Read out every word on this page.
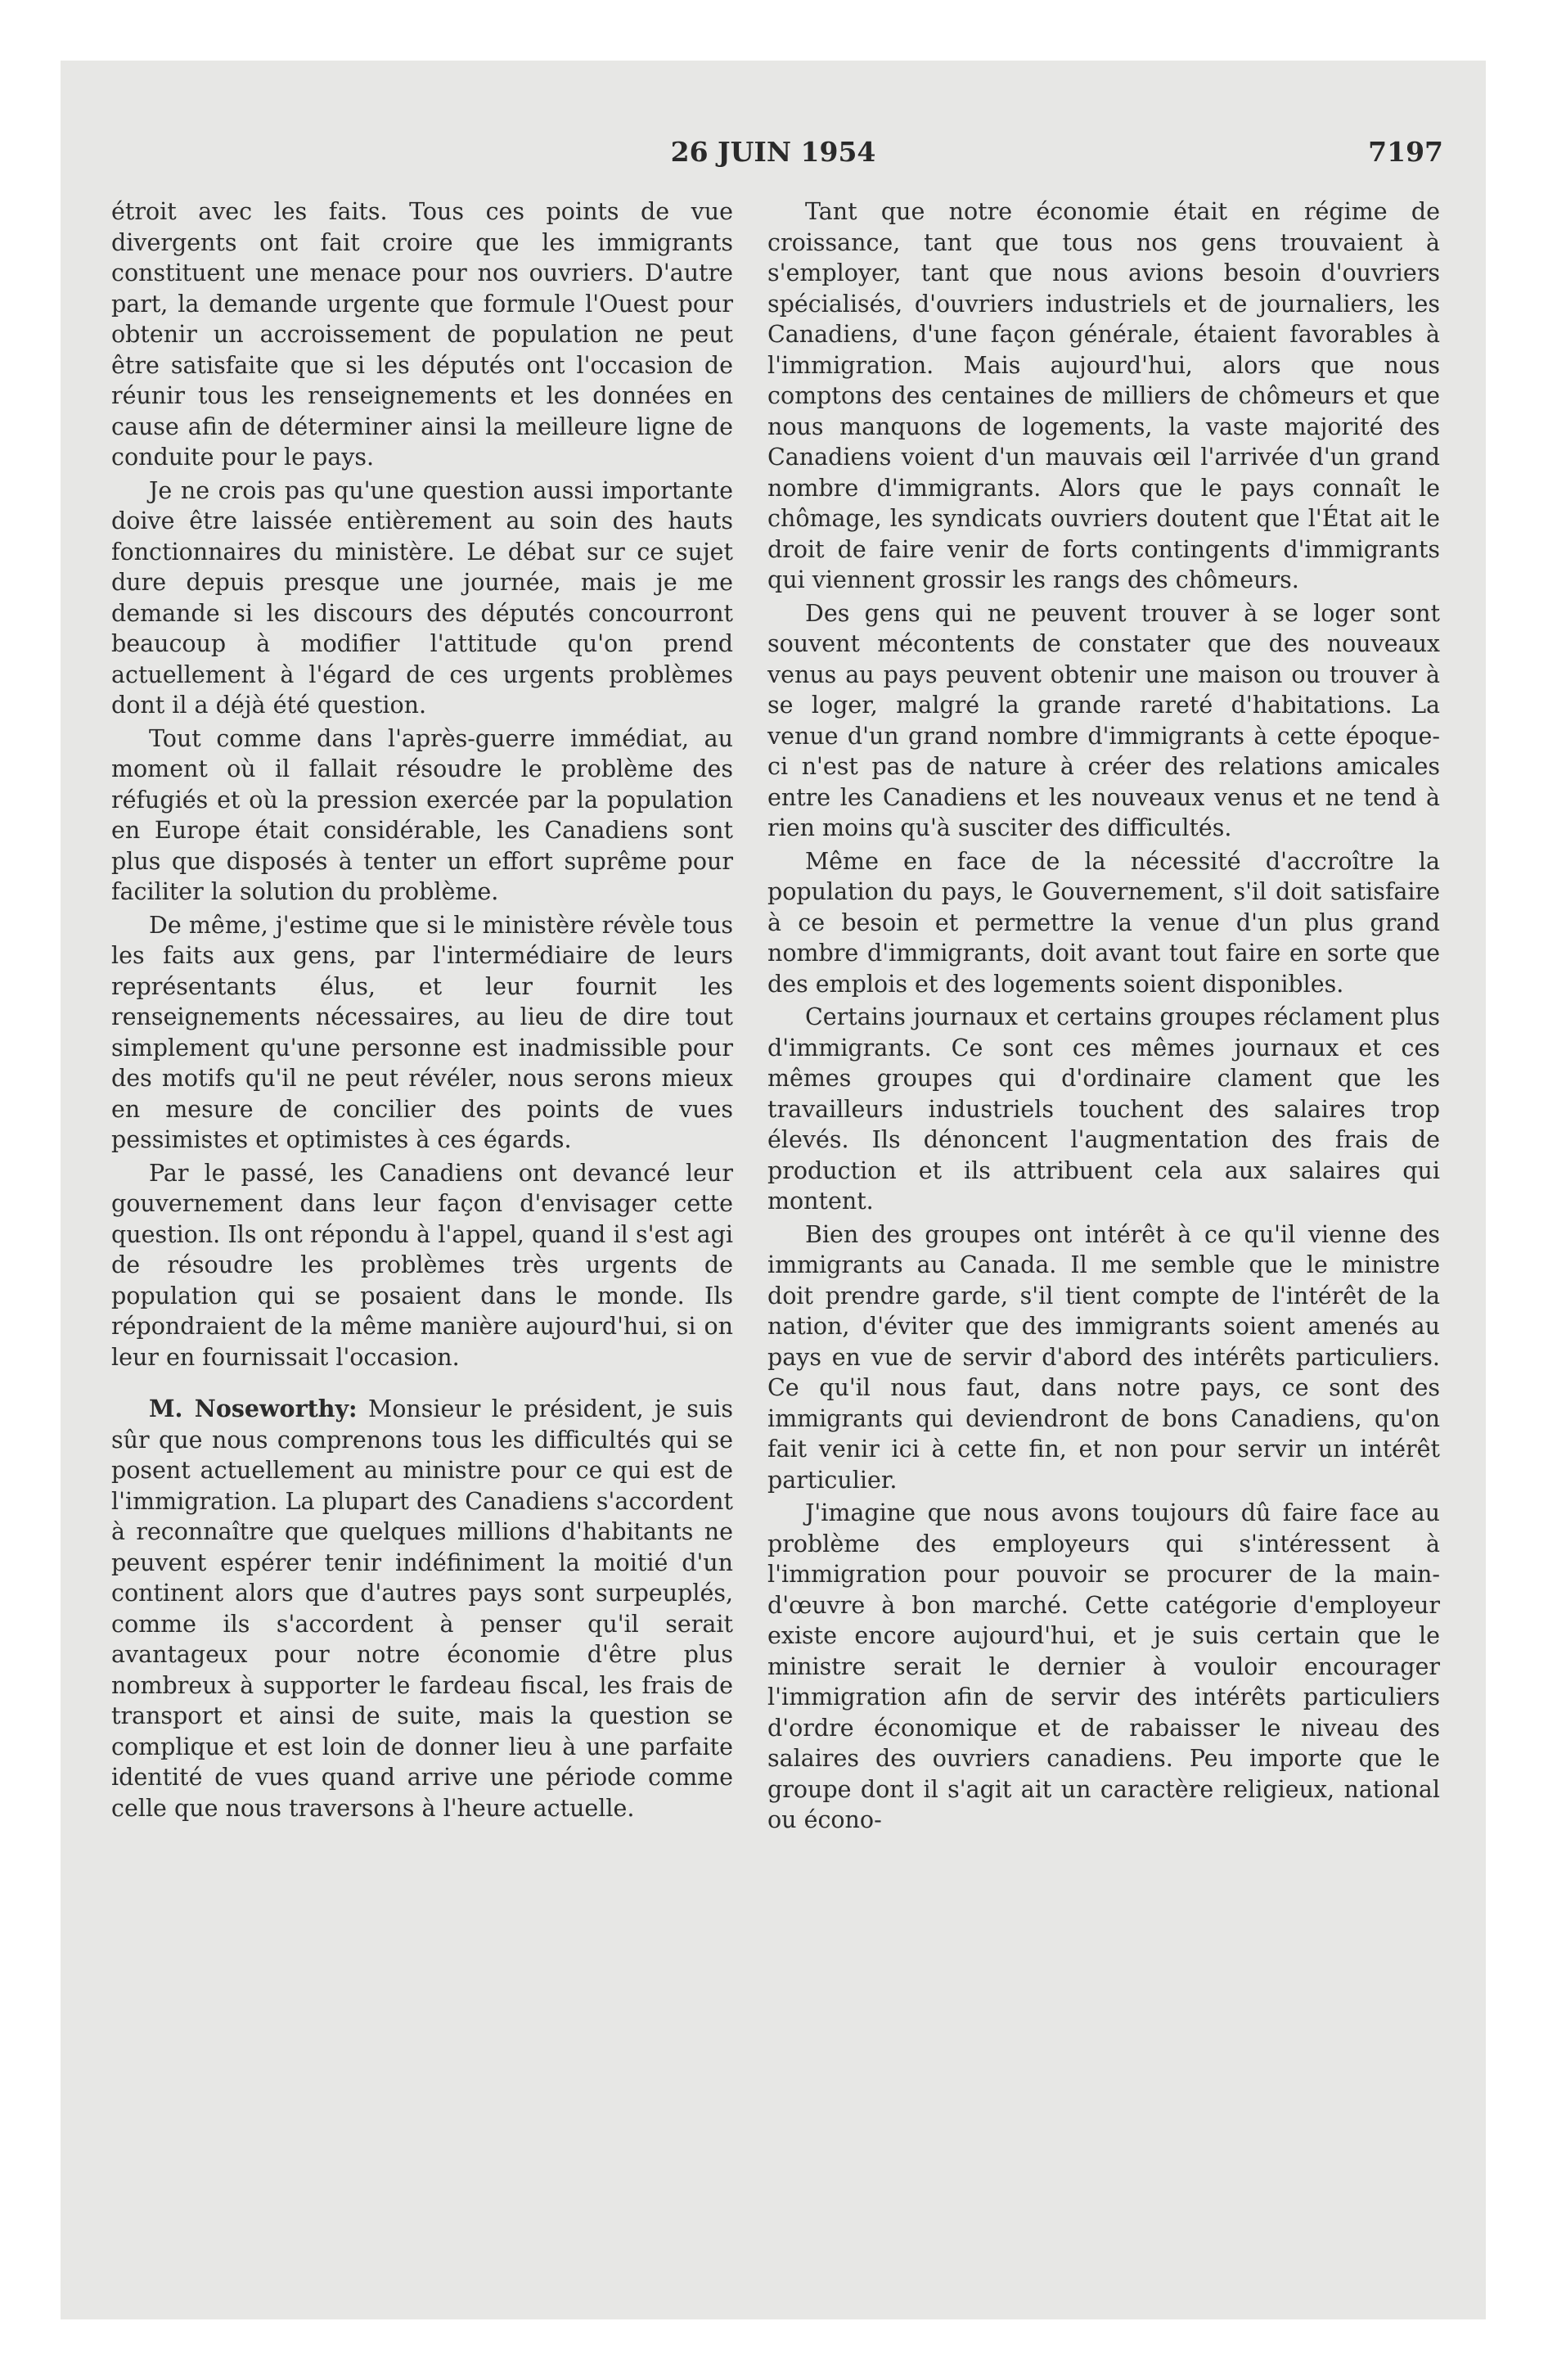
26 JUIN 1954	7197

étroit avec les faits. Tous ces points de vue divergents ont fait croire que les immigrants constituent une menace pour nos ouvriers. D'autre part, la demande urgente que formule l'Ouest pour obtenir un accroissement de population ne peut être satisfaite que si les députés ont l'occasion de réunir tous les renseignements et les données en cause afin de déterminer ainsi la meilleure ligne de conduite pour le pays.

Je ne crois pas qu'une question aussi importante doive être laissée entièrement au soin des hauts fonctionnaires du ministère. Le débat sur ce sujet dure depuis presque une journée, mais je me demande si les discours des députés concourront beaucoup à modifier l'attitude qu'on prend actuellement à l'égard de ces urgents problèmes dont il a déjà été question.

Tout comme dans l'après-guerre immédiat, au moment où il fallait résoudre le problème des réfugiés et où la pression exercée par la population en Europe était considérable, les Canadiens sont plus que disposés à tenter un effort suprême pour faciliter la solution du problème.

De même, j'estime que si le ministère révèle tous les faits aux gens, par l'intermédiaire de leurs représentants élus, et leur fournit les renseignements nécessaires, au lieu de dire tout simplement qu'une personne est inadmissible pour des motifs qu'il ne peut révéler, nous serons mieux en mesure de concilier des points de vues pessimistes et optimistes à ces égards.

Par le passé, les Canadiens ont devancé leur gouvernement dans leur façon d'envisager cette question. Ils ont répondu à l'appel, quand il s'est agi de résoudre les problèmes très urgents de population qui se posaient dans le monde. Ils répondraient de la même manière aujourd'hui, si on leur en fournissait l'occasion.

M. Noseworthy: Monsieur le président, je suis sûr que nous comprenons tous les difficultés qui se posent actuellement au ministre pour ce qui est de l'immigration. La plupart des Canadiens s'accordent à reconnaître que quelques millions d'habitants ne peuvent espérer tenir indéfiniment la moitié d'un continent alors que d'autres pays sont surpeuplés, comme ils s'accordent à penser qu'il serait avantageux pour notre économie d'être plus nombreux à supporter le fardeau fiscal, les frais de transport et ainsi de suite, mais la question se complique et est loin de donner lieu à une parfaite identité de vues quand arrive une période comme celle que nous traversons à l'heure actuelle.

Tant que notre économie était en régime de croissance, tant que tous nos gens trouvaient à s'employer, tant que nous avions besoin d'ouvriers spécialisés, d'ouvriers industriels et de journaliers, les Canadiens, d'une façon générale, étaient favorables à l'immigration. Mais aujourd'hui, alors que nous comptons des centaines de milliers de chômeurs et que nous manquons de logements, la vaste majorité des Canadiens voient d'un mauvais œil l'arrivée d'un grand nombre d'immigrants. Alors que le pays connaît le chômage, les syndicats ouvriers doutent que l'État ait le droit de faire venir de forts contingents d'immigrants qui viennent grossir les rangs des chômeurs.

Des gens qui ne peuvent trouver à se loger sont souvent mécontents de constater que des nouveaux venus au pays peuvent obtenir une maison ou trouver à se loger, malgré la grande rareté d'habitations. La venue d'un grand nombre d'immigrants à cette époque-ci n'est pas de nature à créer des relations amicales entre les Canadiens et les nouveaux venus et ne tend à rien moins qu'à susciter des difficultés.

Même en face de la nécessité d'accroître la population du pays, le Gouvernement, s'il doit satisfaire à ce besoin et permettre la venue d'un plus grand nombre d'immigrants, doit avant tout faire en sorte que des emplois et des logements soient disponibles.

Certains journaux et certains groupes réclament plus d'immigrants. Ce sont ces mêmes journaux et ces mêmes groupes qui d'ordinaire clament que les travailleurs industriels touchent des salaires trop élevés. Ils dénoncent l'augmentation des frais de production et ils attribuent cela aux salaires qui montent.

Bien des groupes ont intérêt à ce qu'il vienne des immigrants au Canada. Il me semble que le ministre doit prendre garde, s'il tient compte de l'intérêt de la nation, d'éviter que des immigrants soient amenés au pays en vue de servir d'abord des intérêts particuliers. Ce qu'il nous faut, dans notre pays, ce sont des immigrants qui deviendront de bons Canadiens, qu'on fait venir ici à cette fin, et non pour servir un intérêt particulier.

J'imagine que nous avons toujours dû faire face au problème des employeurs qui s'intéressent à l'immigration pour pouvoir se procurer de la main-d'œuvre à bon marché. Cette catégorie d'employeur existe encore aujourd'hui, et je suis certain que le ministre serait le dernier à vouloir encourager l'immigration afin de servir des intérêts particuliers d'ordre économique et de rabaisser le niveau des salaires des ouvriers canadiens. Peu importe que le groupe dont il s'agit ait un caractère religieux, national ou écono-
